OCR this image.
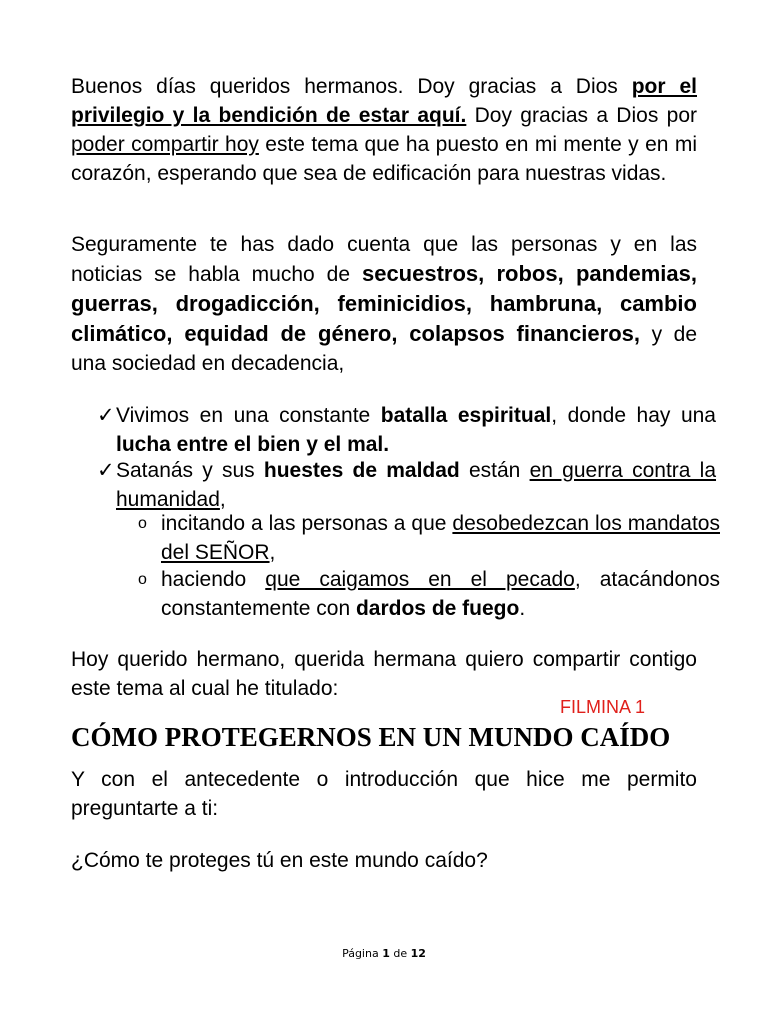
Buenos días queridos hermanos. Doy gracias a Dios por el privilegio y la bendición de estar aquí. Doy gracias a Dios por poder compartir hoy este tema que ha puesto en mi mente y en mi corazón, esperando que sea de edificación para nuestras vidas.

Seguramente te has dado cuenta que las personas y en las noticias se habla mucho de secuestros, robos, pandemias, guerras, drogadicción, feminicidios, hambruna, cambio climático, equidad de género, colapsos financieros, y de una sociedad en decadencia,

✓ Vivimos en una constante batalla espiritual, donde hay una lucha entre el bien y el mal.

✓ Satanás y sus huestes de maldad están en guerra contra la humanidad,

o incitando a las personas a que desobedezcan los mandatos del SEÑOR,

o haciendo que caigamos en el pecado, atacándonos constantemente con dardos de fuego.

Hoy querido hermano, querida hermana quiero compartir contigo este tema al cual he titulado:

FILMINA 1
CÓMO PROTEGERNOS EN UN MUNDO CAÍDO

Y con el antecedente o introducción que hice me permito preguntarte a ti:

¿Cómo te proteges tú en este mundo caído?

Página 1 de 12
